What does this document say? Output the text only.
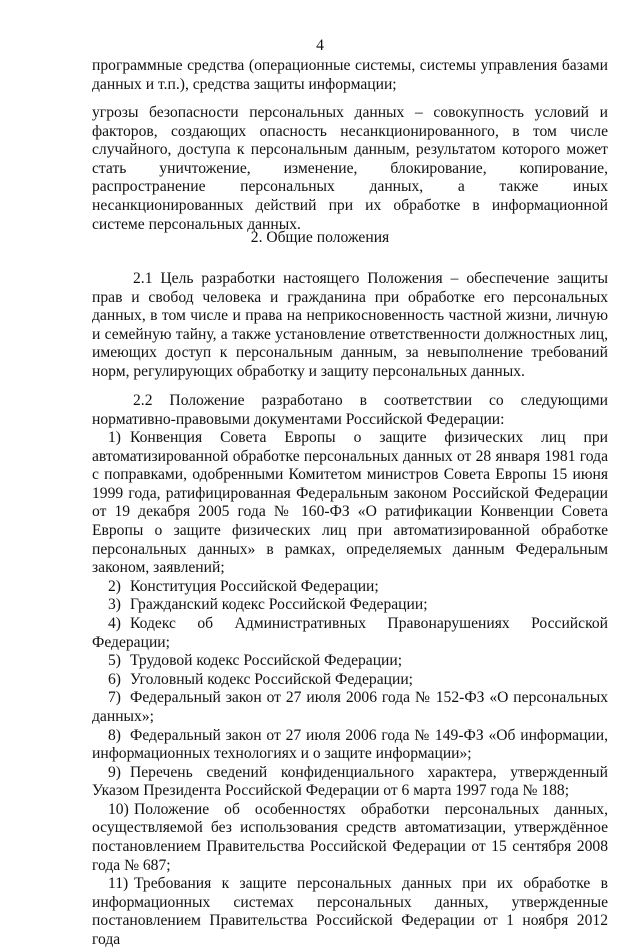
4
программные средства (операционные системы, системы управления базами данных и т.п.), средства защиты информации;
угрозы безопасности персональных данных – совокупность условий и факторов, создающих опасность несанкционированного, в том числе случайного, доступа к персональным данным, результатом которого может стать уничтожение, изменение, блокирование, копирование, распространение персональных данных, а также иных несанкционированных действий при их обработке в информационной системе персональных данных.
2. Общие положения
2.1 Цель разработки настоящего Положения – обеспечение защиты прав и свобод человека и гражданина при обработке его персональных данных, в том числе и права на неприкосновенность частной жизни, личную и семейную тайну, а также установление ответственности должностных лиц, имеющих доступ к персональным данным, за невыполнение требований норм, регулирующих обработку и защиту персональных данных.
2.2 Положение разработано в соответствии со следующими нормативно-правовыми документами Российской Федерации:
1) Конвенция Совета Европы о защите физических лиц при автоматизированной обработке персональных данных от 28 января 1981 года с поправками, одобренными Комитетом министров Совета Европы 15 июня 1999 года, ратифицированная Федеральным законом Российской Федерации от 19 декабря 2005 года № 160-ФЗ «О ратификации Конвенции Совета Европы о защите физических лиц при автоматизированной обработке персональных данных» в рамках, определяемых данным Федеральным законом, заявлений;
2) Конституция Российской Федерации;
3) Гражданский кодекс Российской Федерации;
4) Кодекс об Административных Правонарушениях Российской Федерации;
5) Трудовой кодекс Российской Федерации;
6) Уголовный кодекс Российской Федерации;
7) Федеральный закон от 27 июля 2006 года № 152-ФЗ «О персональных данных»;
8) Федеральный закон от 27 июля 2006 года № 149-ФЗ «Об информации, информационных технологиях и о защите информации»;
9) Перечень сведений конфиденциального характера, утвержденный Указом Президента Российской Федерации от 6 марта 1997 года № 188;
10) Положение об особенностях обработки персональных данных, осуществляемой без использования средств автоматизации, утверждённое постановлением Правительства Российской Федерации от 15 сентября 2008 года № 687;
11) Требования к защите персональных данных при их обработке в информационных системах персональных данных, утвержденные постановлением Правительства Российской Федерации от 1 ноября 2012 года
